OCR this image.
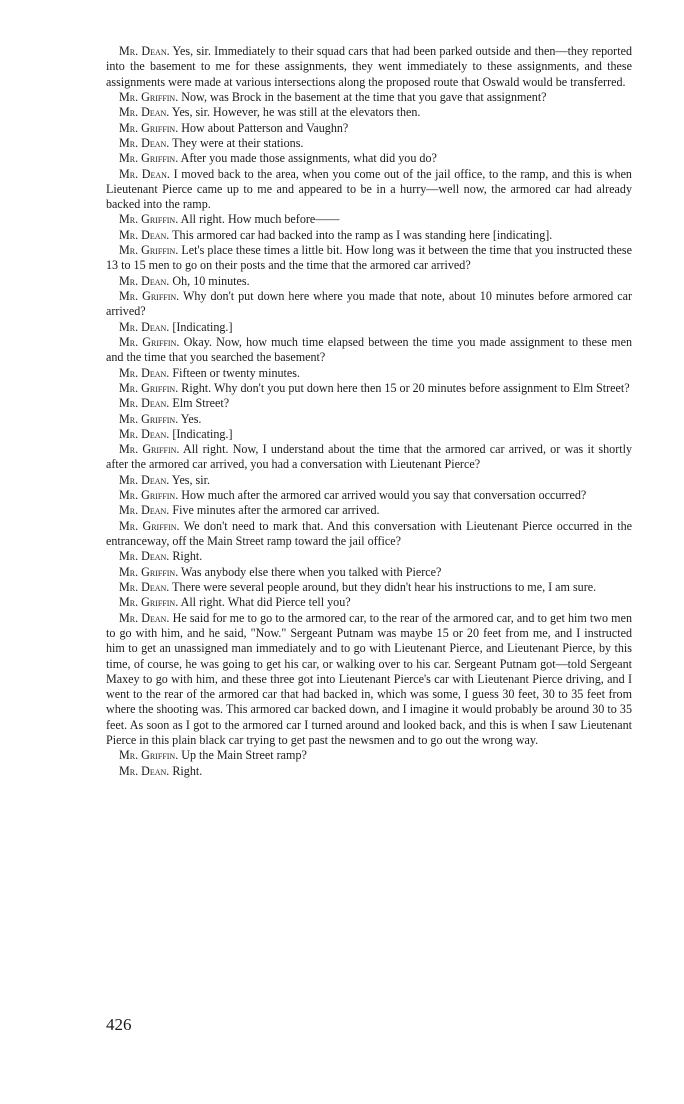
Mr. Dean. Yes, sir. Immediately to their squad cars that had been parked outside and then—they reported into the basement to me for these assignments, they went immediately to these assignments, and these assignments were made at various intersections along the proposed route that Oswald would be transferred.

Mr. Griffin. Now, was Brock in the basement at the time that you gave that assignment?

Mr. Dean. Yes, sir. However, he was still at the elevators then.

Mr. Griffin. How about Patterson and Vaughn?

Mr. Dean. They were at their stations.

Mr. Griffin. After you made those assignments, what did you do?

Mr. Dean. I moved back to the area, when you come out of the jail office, to the ramp, and this is when Lieutenant Pierce came up to me and appeared to be in a hurry—well now, the armored car had already backed into the ramp.

Mr. Griffin. All right. How much before——

Mr. Dean. This armored car had backed into the ramp as I was standing here [indicating].

Mr. Griffin. Let's place these times a little bit. How long was it between the time that you instructed these 13 to 15 men to go on their posts and the time that the armored car arrived?

Mr. Dean. Oh, 10 minutes.

Mr. Griffin. Why don't put down here where you made that note, about 10 minutes before armored car arrived?

Mr. Dean. [Indicating.]

Mr. Griffin. Okay. Now, how much time elapsed between the time you made assignment to these men and the time that you searched the basement?

Mr. Dean. Fifteen or twenty minutes.

Mr. Griffin. Right. Why don't you put down here then 15 or 20 minutes before assignment to Elm Street?

Mr. Dean. Elm Street?

Mr. Griffin. Yes.

Mr. Dean. [Indicating.]

Mr. Griffin. All right. Now, I understand about the time that the armored car arrived, or was it shortly after the armored car arrived, you had a conversation with Lieutenant Pierce?

Mr. Dean. Yes, sir.

Mr. Griffin. How much after the armored car arrived would you say that conversation occurred?

Mr. Dean. Five minutes after the armored car arrived.

Mr. Griffin. We don't need to mark that. And this conversation with Lieutenant Pierce occurred in the entranceway, off the Main Street ramp toward the jail office?

Mr. Dean. Right.

Mr. Griffin. Was anybody else there when you talked with Pierce?

Mr. Dean. There were several people around, but they didn't hear his instructions to me, I am sure.

Mr. Griffin. All right. What did Pierce tell you?

Mr. Dean. He said for me to go to the armored car, to the rear of the armored car, and to get him two men to go with him, and he said, "Now." Sergeant Putnam was maybe 15 or 20 feet from me, and I instructed him to get an unassigned man immediately and to go with Lieutenant Pierce, and Lieutenant Pierce, by this time, of course, he was going to get his car, or walking over to his car. Sergeant Putnam got—told Sergeant Maxey to go with him, and these three got into Lieutenant Pierce's car with Lieutenant Pierce driving, and I went to the rear of the armored car that had backed in, which was some, I guess 30 feet, 30 to 35 feet from where the shooting was. This armored car backed down, and I imagine it would probably be around 30 to 35 feet. As soon as I got to the armored car I turned around and looked back, and this is when I saw Lieutenant Pierce in this plain black car trying to get past the newsmen and to go out the wrong way.

Mr. Griffin. Up the Main Street ramp?

Mr. Dean. Right.

426
